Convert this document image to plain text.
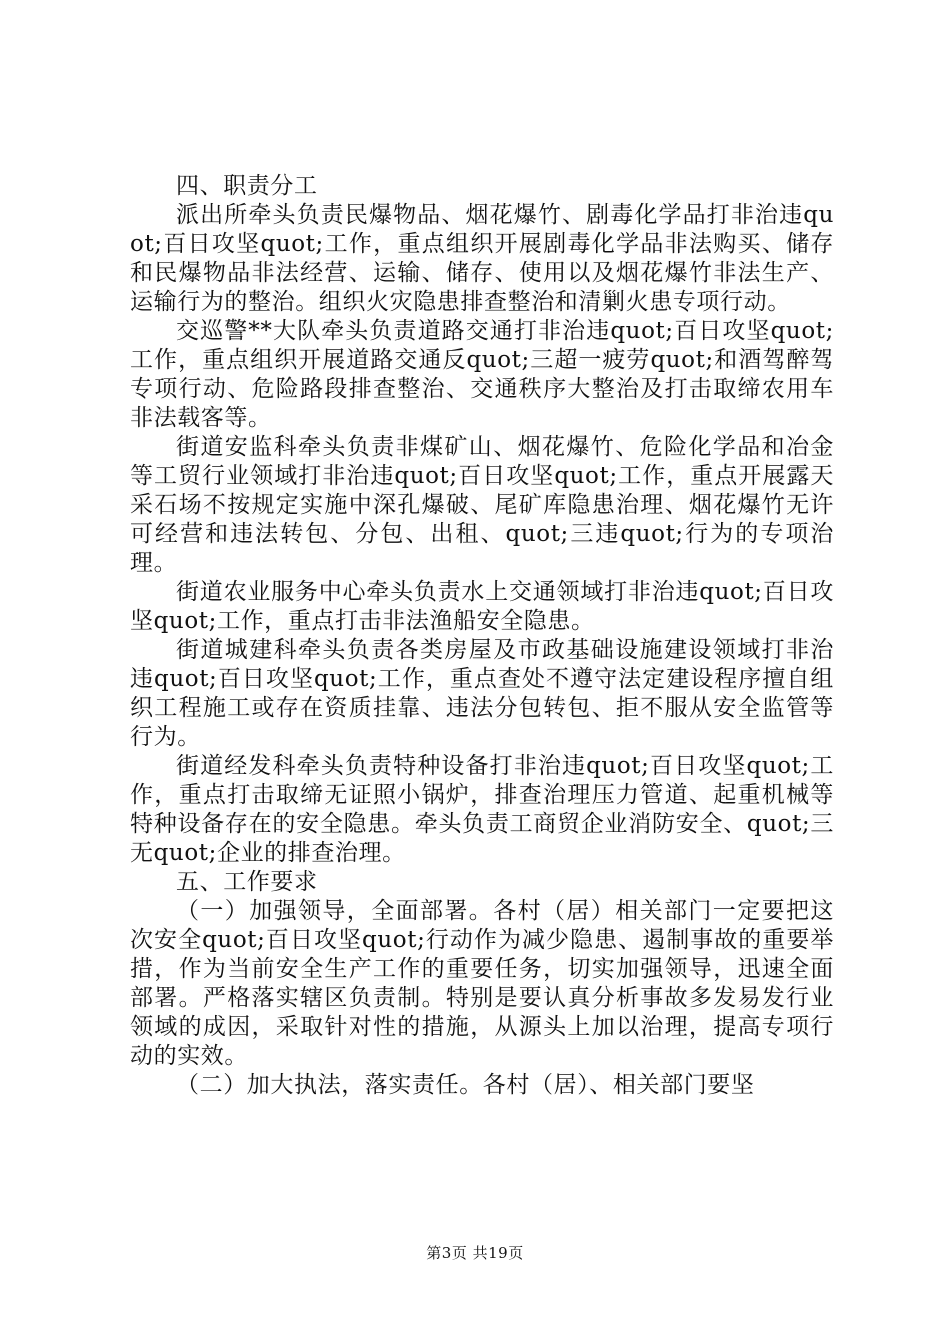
四、职责分工

派出所牵头负责民爆物品、烟花爆竹、剧毒化学品打非治违quot;百日攻坚quot;工作，重点组织开展剧毒化学品非法购买、储存和民爆物品非法经营、运输、储存、使用以及烟花爆竹非法生产、运输行为的整治。组织火灾隐患排查整治和清剿火患专项行动。

交巡警**大队牵头负责道路交通打非治违quot;百日攻坚quot;工作，重点组织开展道路交通反quot;三超一疲劳quot;和酒驾醉驾专项行动、危险路段排查整治、交通秩序大整治及打击取缔农用车非法载客等。

街道安监科牵头负责非煤矿山、烟花爆竹、危险化学品和冶金等工贸行业领域打非治违quot;百日攻坚quot;工作，重点开展露天采石场不按规定实施中深孔爆破、尾矿库隐患治理、烟花爆竹无许可经营和违法转包、分包、出租、quot;三违quot;行为的专项治理。

街道农业服务中心牵头负责水上交通领域打非治违quot;百日攻坚quot;工作，重点打击非法渔船安全隐患。

街道城建科牵头负责各类房屋及市政基础设施建设领域打非治违quot;百日攻坚quot;工作，重点查处不遵守法定建设程序擅自组织工程施工或存在资质挂靠、违法分包转包、拒不服从安全监管等行为。

街道经发科牵头负责特种设备打非治违quot;百日攻坚quot;工作，重点打击取缔无证照小锅炉，排查治理压力管道、起重机械等特种设备存在的安全隐患。牵头负责工商贸企业消防安全、quot;三无quot;企业的排查治理。

五、工作要求

（一）加强领导，全面部署。各村（居）相关部门一定要把这次安全quot;百日攻坚quot;行动作为减少隐患、遏制事故的重要举措，作为当前安全生产工作的重要任务，切实加强领导，迅速全面部署。严格落实辖区负责制。特别是要认真分析事故多发易发行业领域的成因，采取针对性的措施，从源头上加以治理，提高专项行动的实效。

（二）加大执法，落实责任。各村（居）、相关部门要坚

第3页 共19页
